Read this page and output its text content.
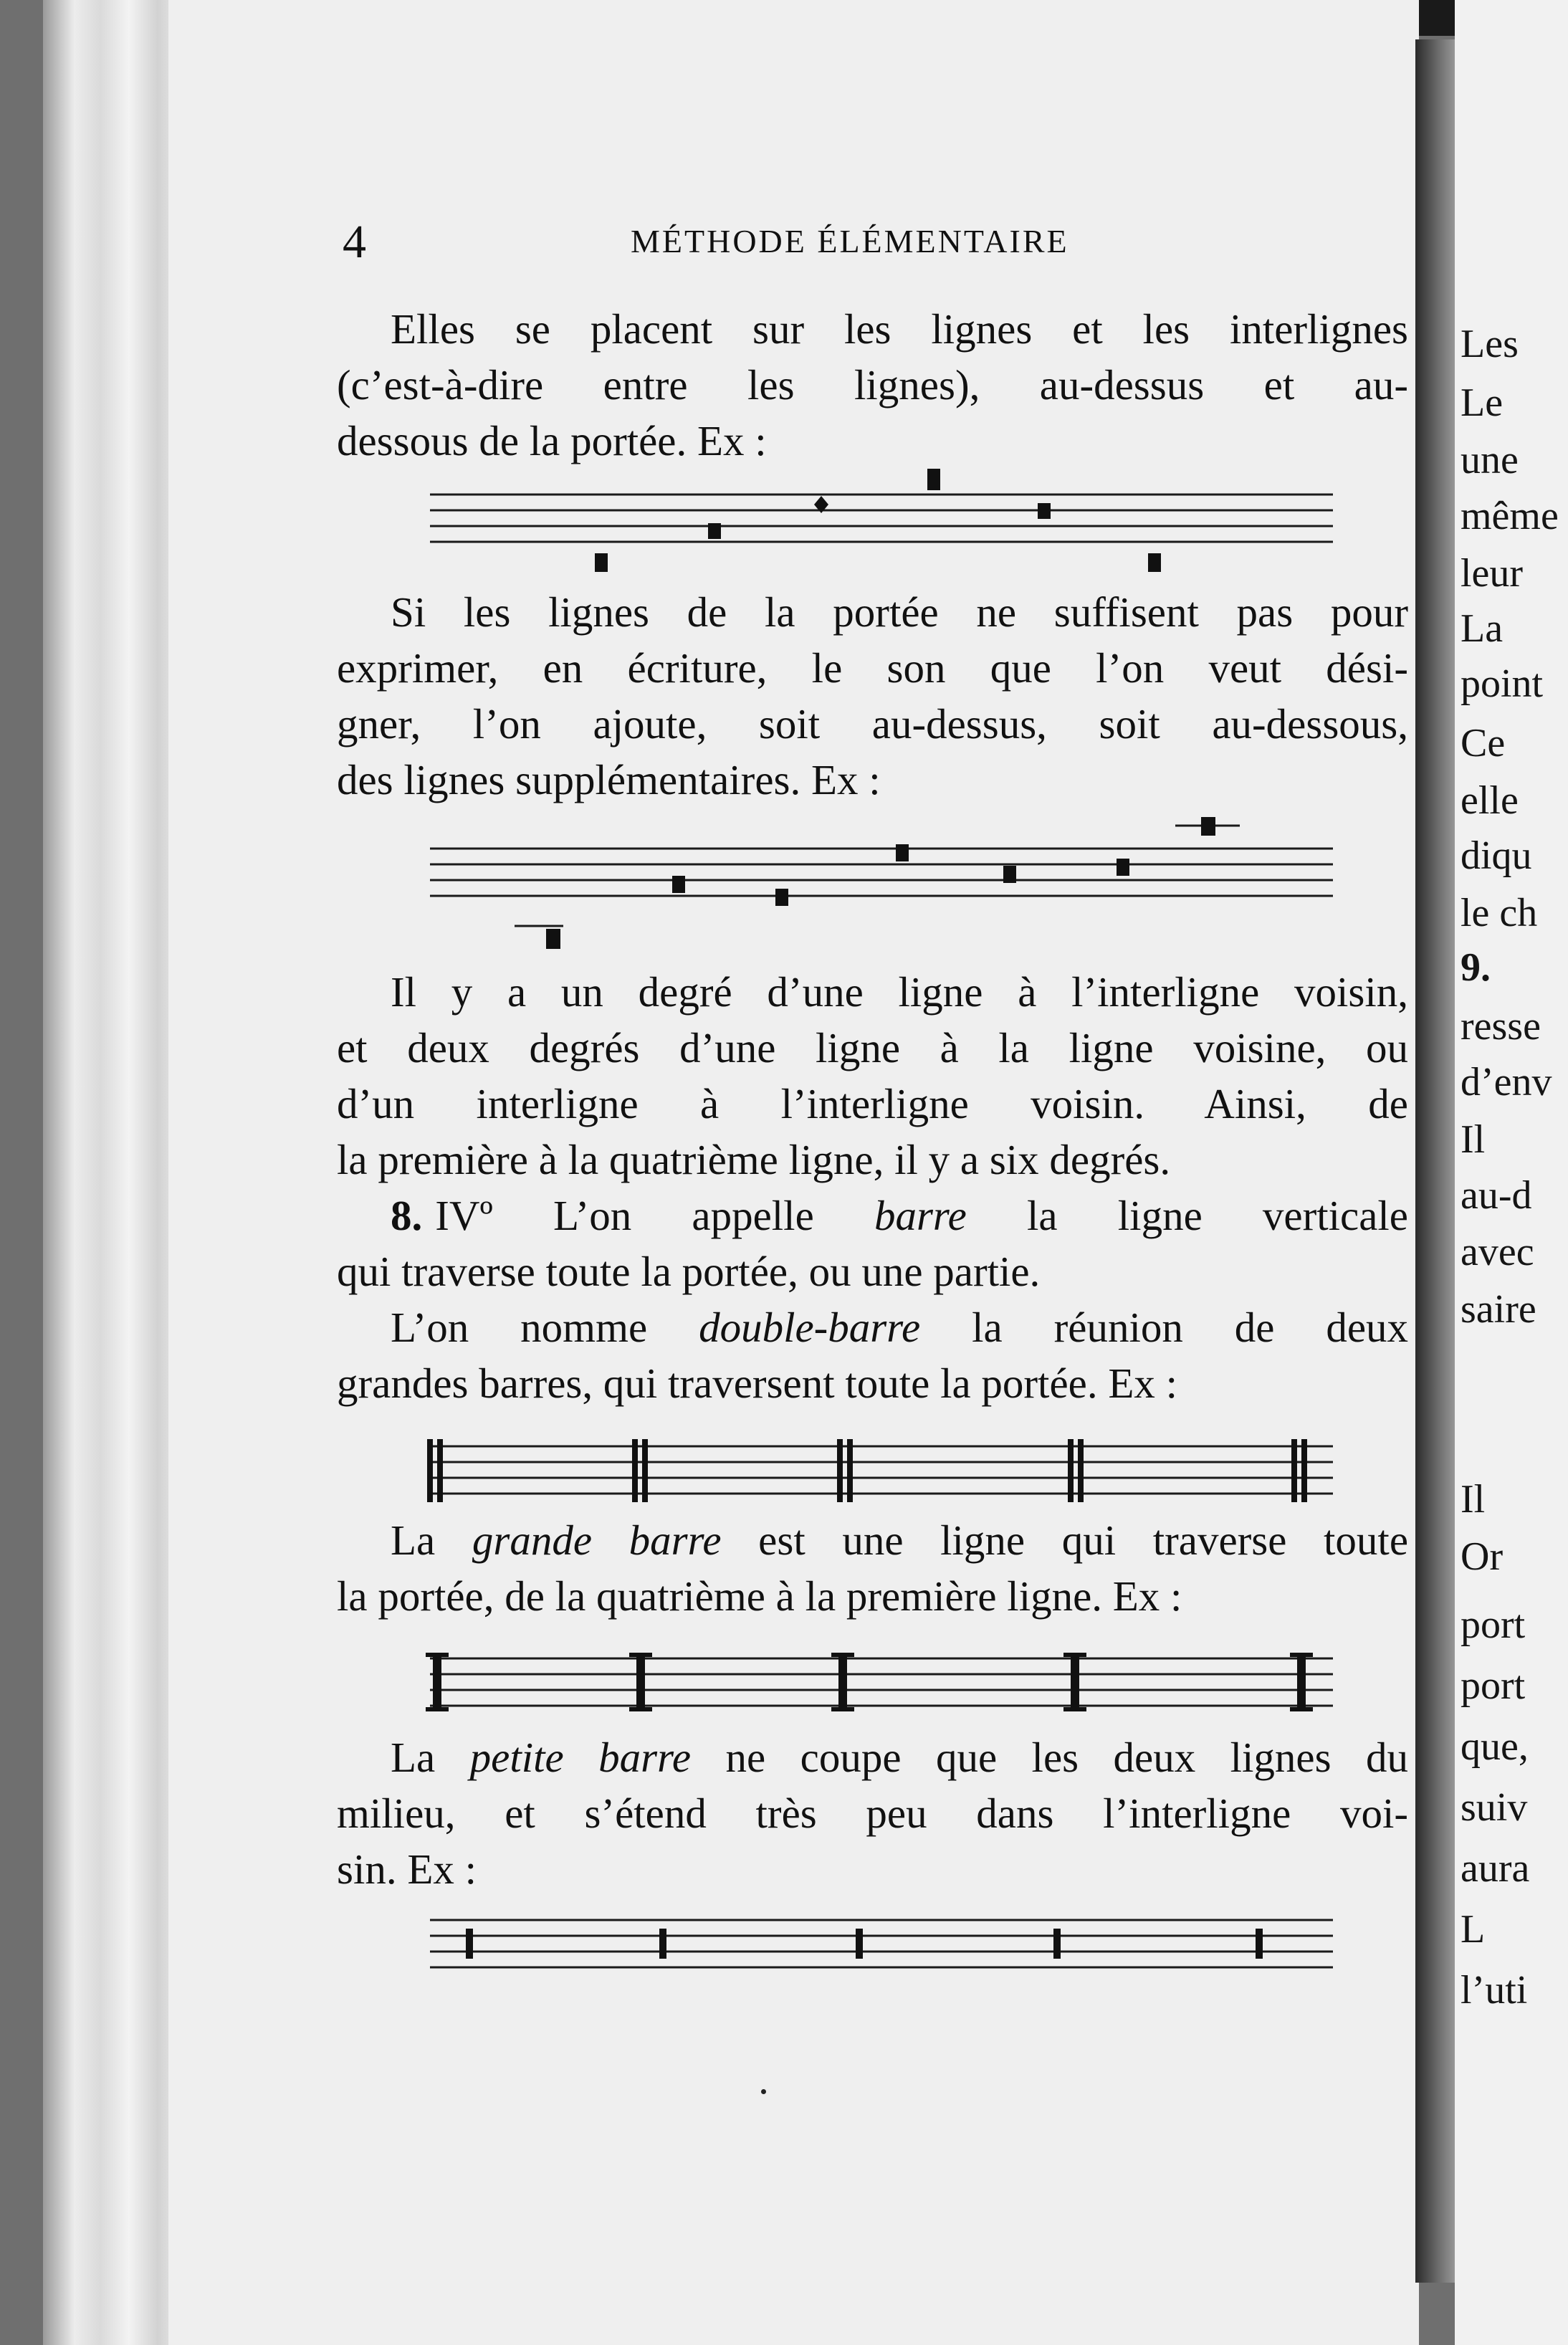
Les
Le
une
même
leur
La
point
Ce
elle
diqu
le ch
9.
resse
d’env
Il
au-d
avec
saire
Il
Or
port
port
que,
suiv
aura
L
l’uti
4	MÉTHODE ÉLÉMENTAIRE
Elles se placent sur les lignes et les interlignes
(c’est-à-dire entre les lignes), au-dessus et au-
dessous de la portée. Ex :
Si les lignes de la portée ne suffisent pas pour
exprimer, en écriture, le son que l’on veut dési-
gner, l’on ajoute, soit au-dessus, soit au-dessous,
des lignes supplémentaires. Ex :
Il y a un degré d’une ligne à l’interligne voisin,
et deux degrés d’une ligne à la ligne voisine, ou
d’un interligne à l’interligne voisin. Ainsi, de
la première à la quatrième ligne, il y a six degrés.
8. IVº L’on appelle barre la ligne verticale
qui traverse toute la portée, ou une partie.
L’on nomme double-barre la réunion de deux
grandes barres, qui traversent toute la portée. Ex :
La grande barre est une ligne qui traverse toute
la portée, de la quatrième à la première ligne. Ex :
La petite barre ne coupe que les deux lignes du
milieu, et s’étend très peu dans l’interligne voi-
sin. Ex :
